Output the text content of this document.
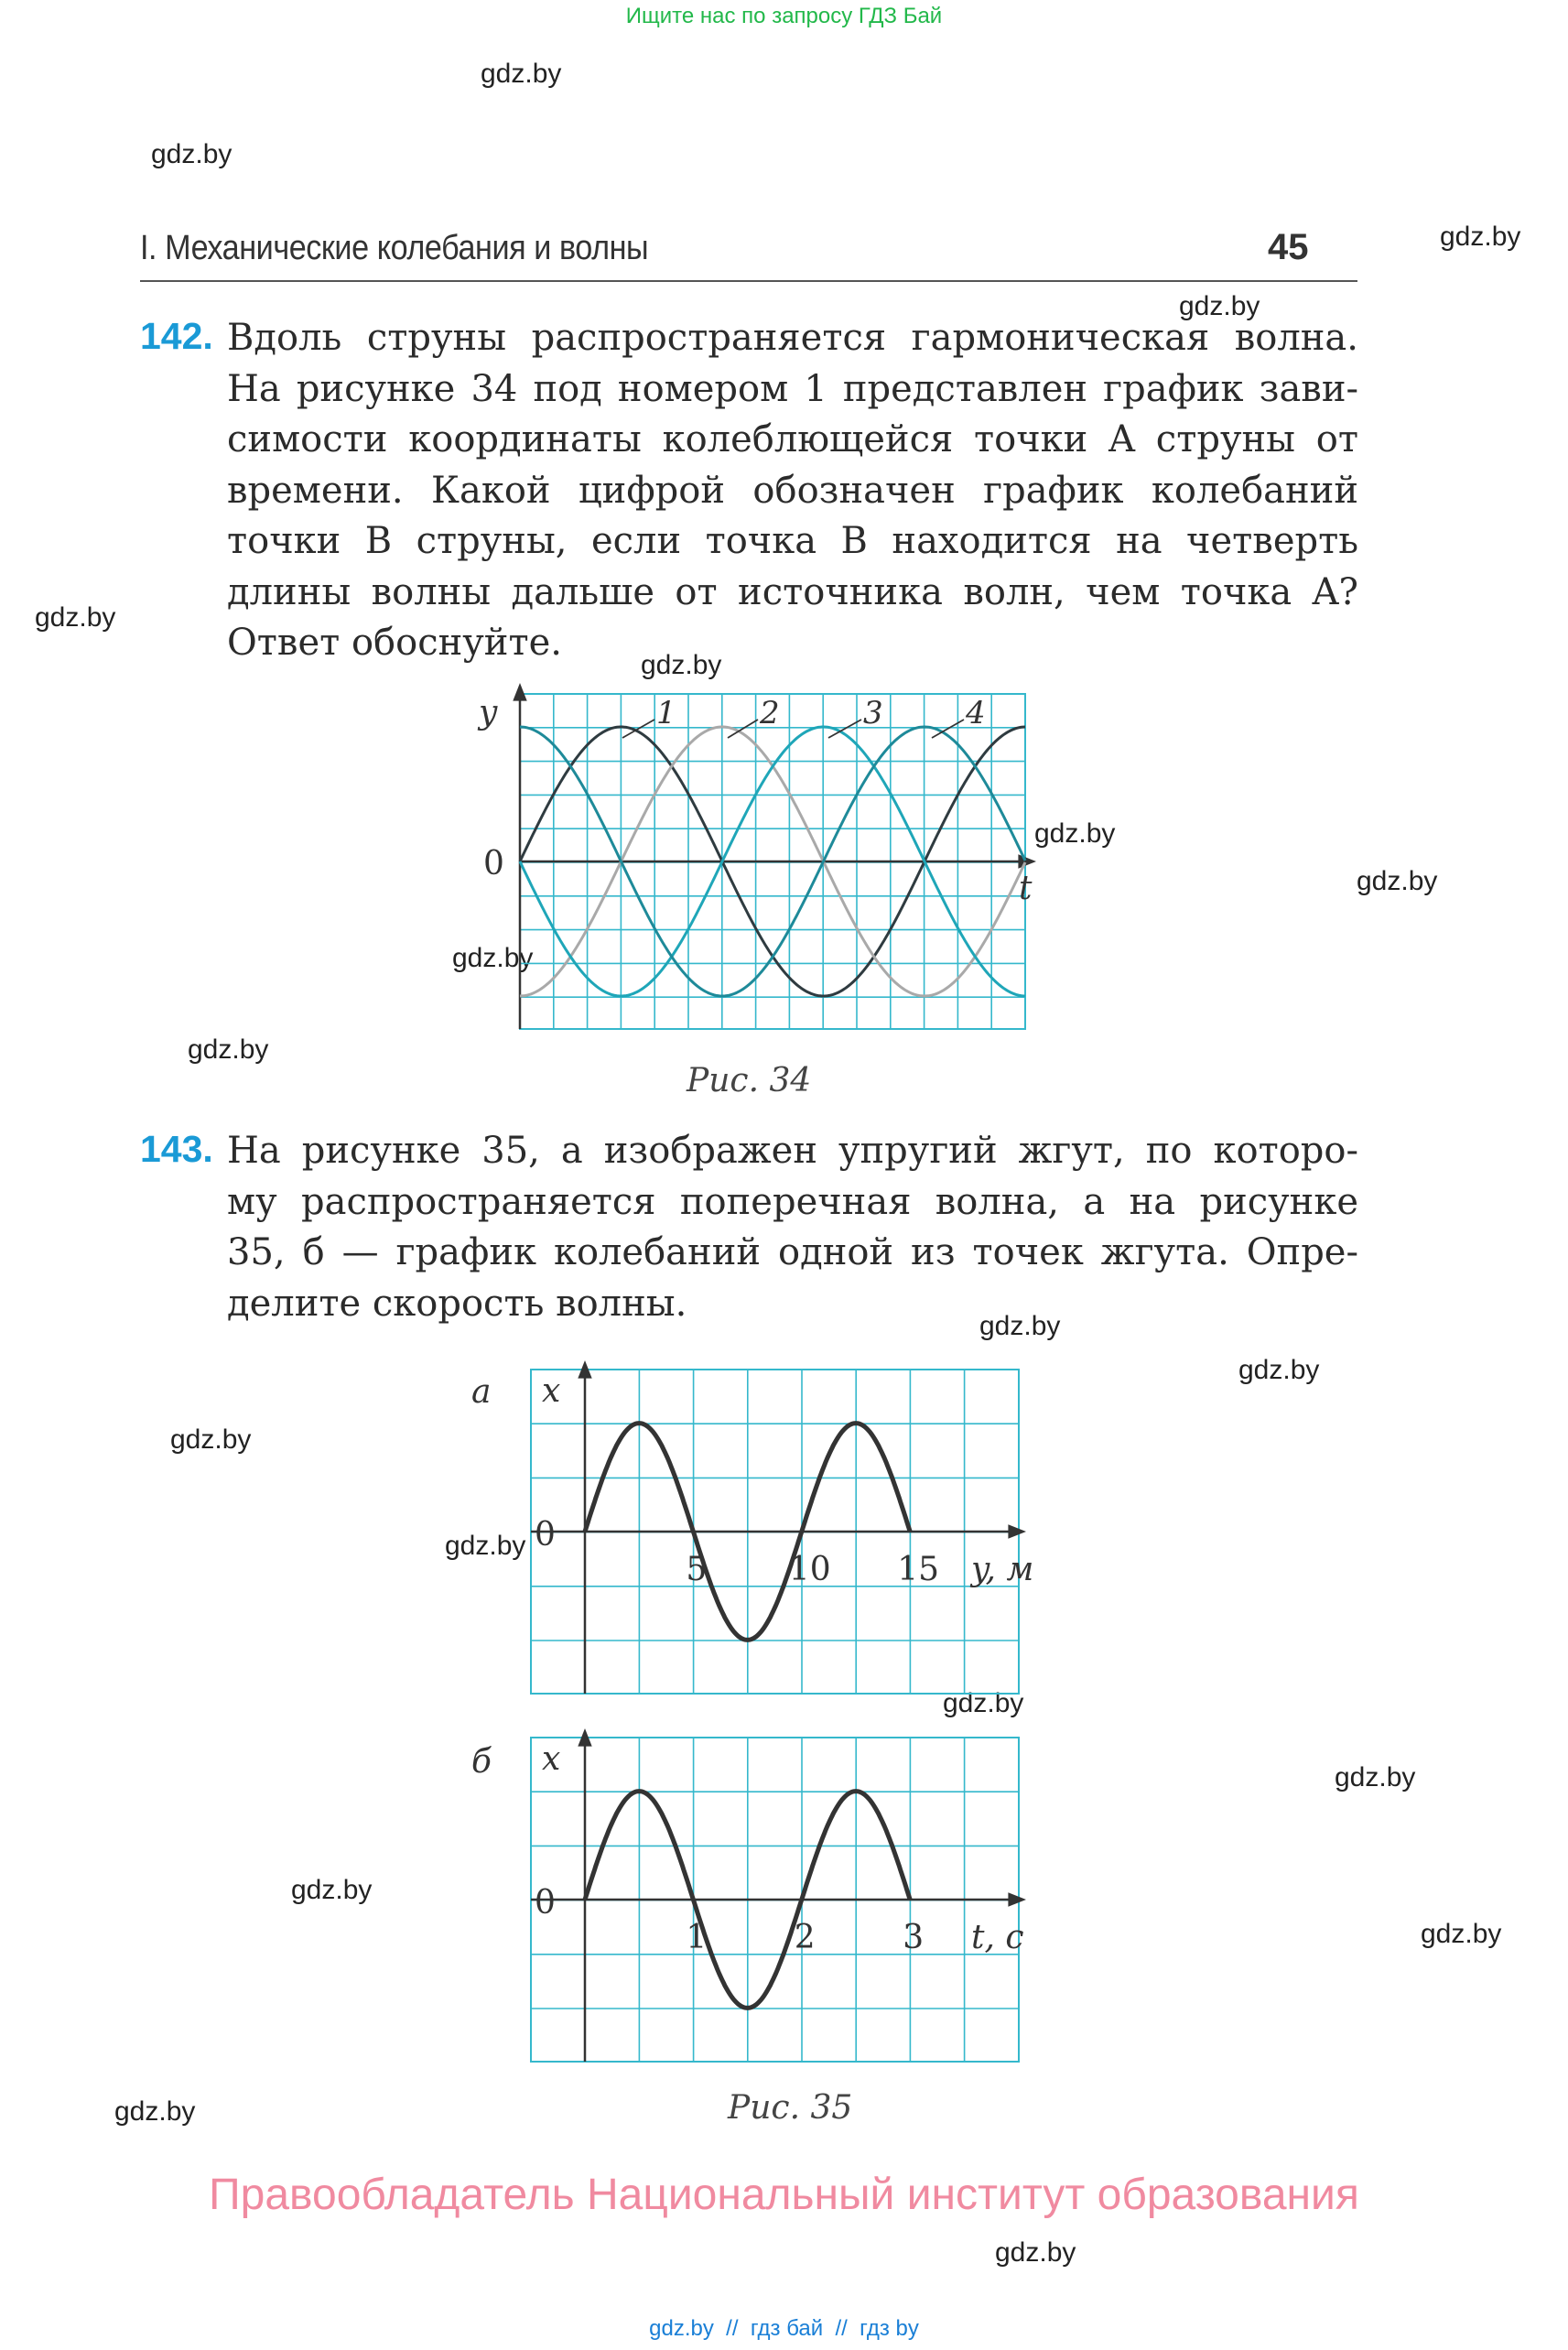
Ищите нас по запросу ГДЗ Бай
gdz.by
gdz.by
gdz.by
gdz.by
gdz.by
gdz.by
gdz.by
gdz.by
gdz.by
gdz.by
gdz.by
gdz.by
gdz.by
gdz.by
gdz.by
gdz.by
gdz.by
gdz.by
gdz.by
gdz.by
I. Механические колебания и волны	45
142. Вдоль струны распространяется гармоническая волна.
На рисунке 34 под номером 1 представлен график зави-
симости координаты колеблющейся точки A струны от
времени. Какой цифрой обозначен график колебаний
точки B струны, если точка B находится на четверть
длины волны дальше от источника волн, чем точка A?
Ответ обоснуйте.
y
t
0
1	2	3	4
Рис. 34
143. На рисунке 35, а изображен упругий жгут, по которо-
му распространяется поперечная волна, а на рисунке
35, б — график колебаний одной из точек жгута. Опре-
делите скорость волны.
а x
0
5 10 15 y, м
б x
0
1	2	3 t, с
Рис. 35
Правообладатель Национальный институт образования
gdz.by  //  гдз бай  //  гдз by
